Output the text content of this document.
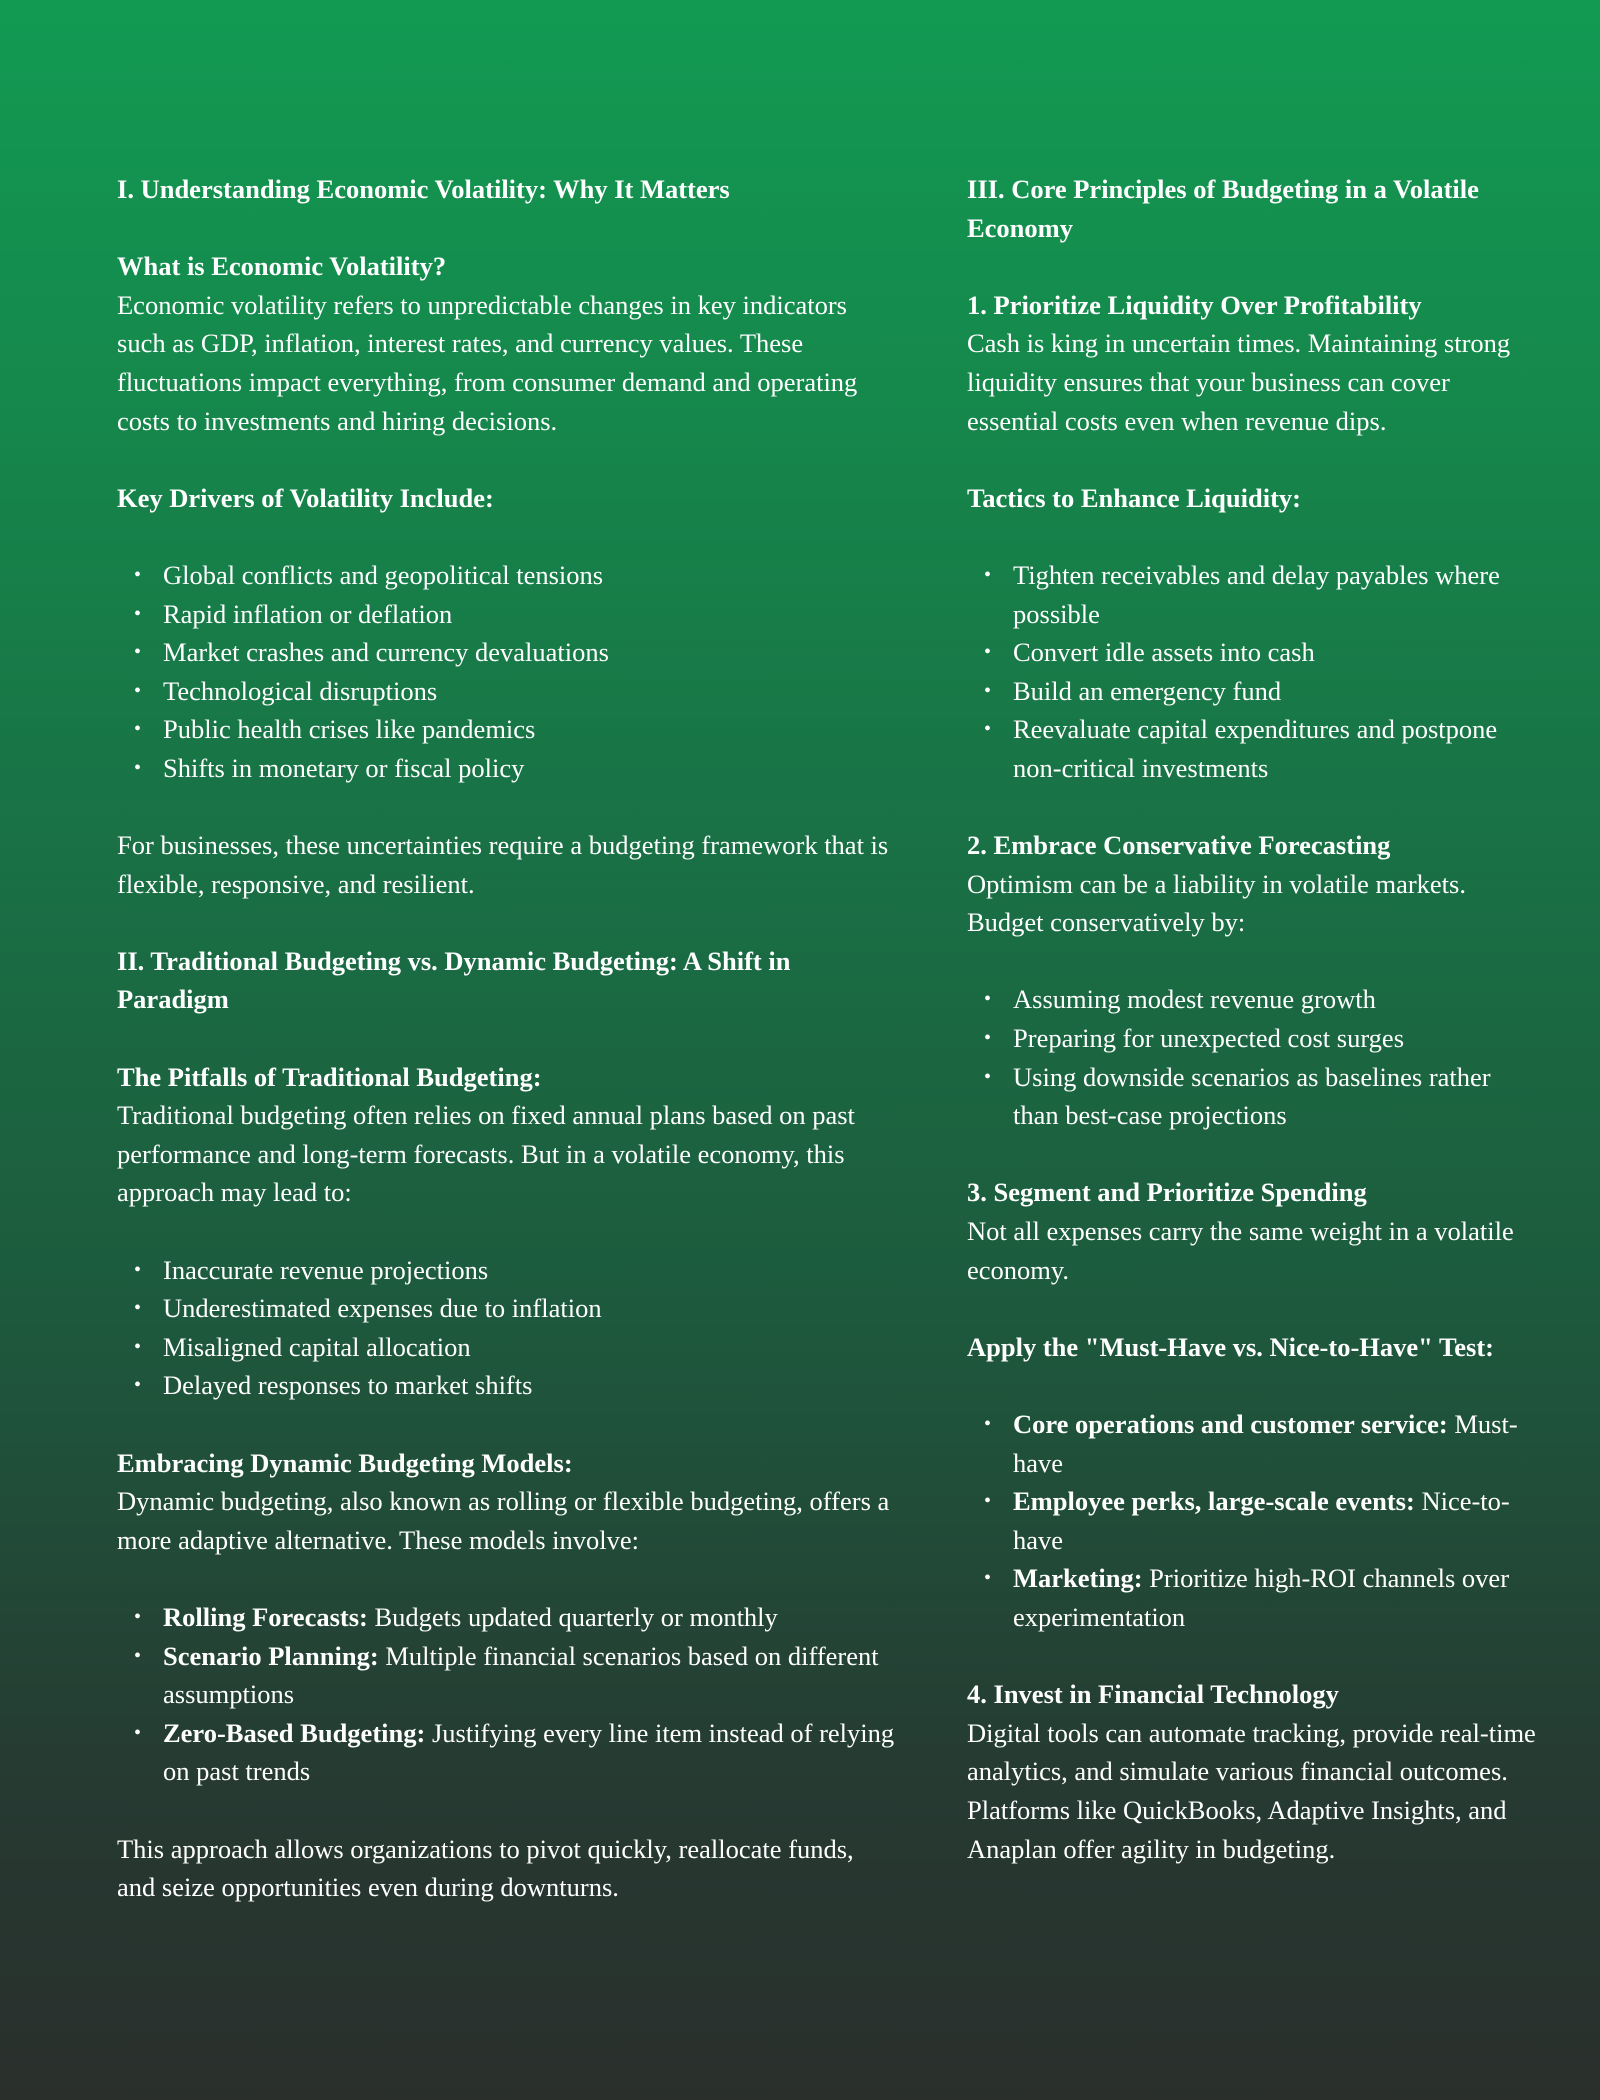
I. Understanding Economic Volatility: Why It Matters

What is Economic Volatility?

Economic volatility refers to unpredictable changes in key indicators such as GDP, inflation, interest rates, and currency values. These fluctuations impact everything, from consumer demand and operating costs to investments and hiring decisions.

Key Drivers of Volatility Include:

• Global conflicts and geopolitical tensions
• Rapid inflation or deflation
• Market crashes and currency devaluations
• Technological disruptions
• Public health crises like pandemics
• Shifts in monetary or fiscal policy

For businesses, these uncertainties require a budgeting framework that is flexible, responsive, and resilient.

II. Traditional Budgeting vs. Dynamic Budgeting: A Shift in Paradigm

The Pitfalls of Traditional Budgeting:

Traditional budgeting often relies on fixed annual plans based on past performance and long-term forecasts. But in a volatile economy, this approach may lead to:

• Inaccurate revenue projections
• Underestimated expenses due to inflation
• Misaligned capital allocation
• Delayed responses to market shifts

Embracing Dynamic Budgeting Models:

Dynamic budgeting, also known as rolling or flexible budgeting, offers a more adaptive alternative. These models involve:

• Rolling Forecasts: Budgets updated quarterly or monthly
• Scenario Planning: Multiple financial scenarios based on different assumptions
• Zero-Based Budgeting: Justifying every line item instead of relying on past trends

This approach allows organizations to pivot quickly, reallocate funds, and seize opportunities even during downturns.

III. Core Principles of Budgeting in a Volatile Economy

1. Prioritize Liquidity Over Profitability

Cash is king in uncertain times. Maintaining strong liquidity ensures that your business can cover essential costs even when revenue dips.

Tactics to Enhance Liquidity:

• Tighten receivables and delay payables where possible
• Convert idle assets into cash
• Build an emergency fund
• Reevaluate capital expenditures and postpone non-critical investments

2. Embrace Conservative Forecasting

Optimism can be a liability in volatile markets. Budget conservatively by:

• Assuming modest revenue growth
• Preparing for unexpected cost surges
• Using downside scenarios as baselines rather than best-case projections

3. Segment and Prioritize Spending

Not all expenses carry the same weight in a volatile economy.

Apply the "Must-Have vs. Nice-to-Have" Test:

• Core operations and customer service: Must-have
• Employee perks, large-scale events: Nice-to-have
• Marketing: Prioritize high-ROI channels over experimentation

4. Invest in Financial Technology

Digital tools can automate tracking, provide real-time analytics, and simulate various financial outcomes. Platforms like QuickBooks, Adaptive Insights, and Anaplan offer agility in budgeting.
